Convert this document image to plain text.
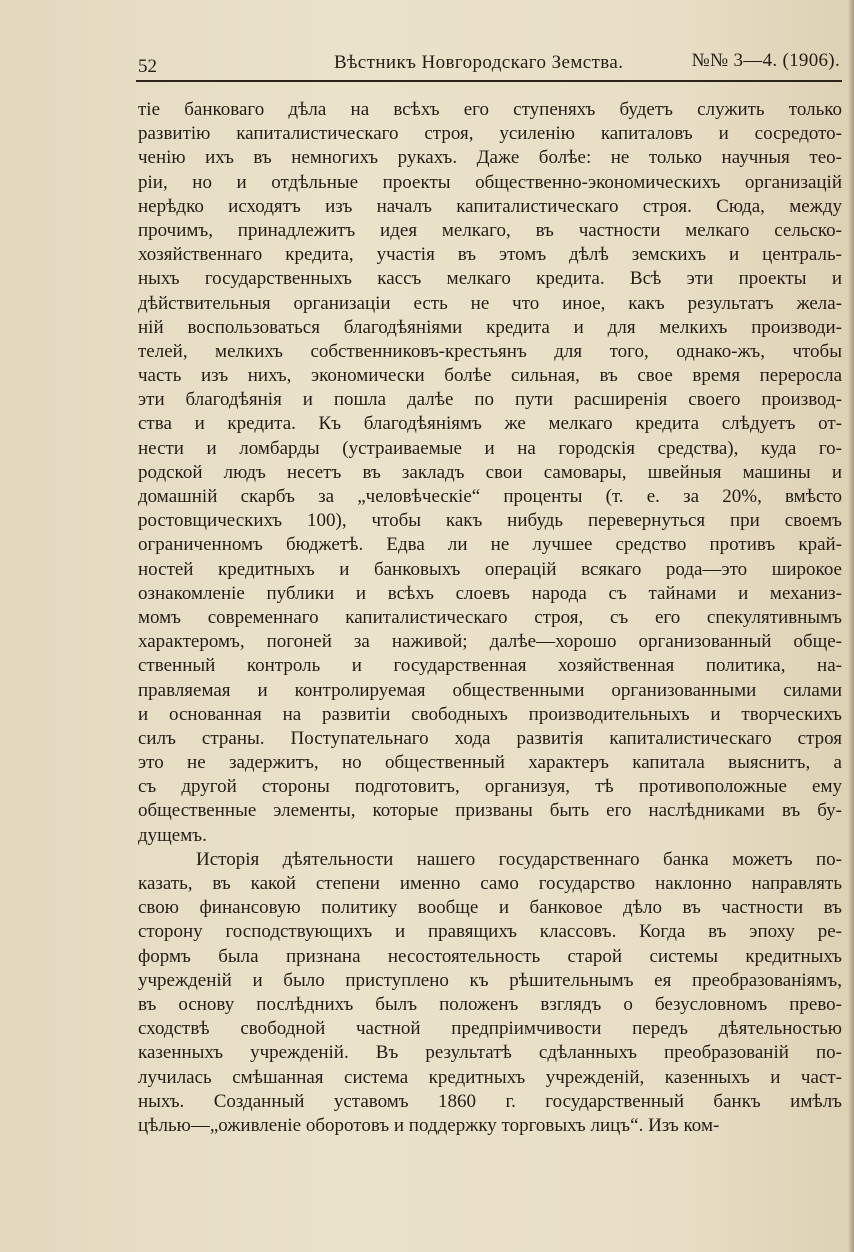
52	Вѣстникъ Новгородскаго Земства.	№№ 3—4. (1906).
тіе банковаго дѣла на всѣхъ его ступеняхъ будетъ служить только
развитію капиталистическаго строя, усиленію капиталовъ и сосредото-
ченію ихъ въ немногихъ рукахъ. Даже болѣе: не только научныя тео-
ріи, но и отдѣльные проекты общественно-экономическихъ организацій
нерѣдко исходятъ изъ началъ капиталистическаго строя. Сюда, между
прочимъ, принадлежитъ идея мелкаго, въ частности мелкаго сельско-
хозяйственнаго кредита, участія въ этомъ дѣлѣ земскихъ и централь-
ныхъ государственныхъ кассъ мелкаго кредита. Всѣ эти проекты и
дѣйствительныя организаціи есть не что иное, какъ результатъ жела-
ній воспользоваться благодѣяніями кредита и для мелкихъ производи-
телей, мелкихъ собственниковъ-крестьянъ для того, однако-жъ, чтобы
часть изъ нихъ, экономически болѣе сильная, въ свое время переросла
эти благодѣянія и пошла далѣе по пути расширенія своего производ-
ства и кредита. Къ благодѣяніямъ же мелкаго кредита слѣдуетъ от-
нести и ломбарды (устраиваемые и на городскія средства), куда го-
родской людъ несетъ въ закладъ свои самовары, швейныя машины и
домашній скарбъ за „человѣческіе“ проценты (т. е. за 20%, вмѣсто
ростовщическихъ 100), чтобы какъ нибудь перевернуться при своемъ
ограниченномъ бюджетѣ. Едва ли не лучшее средство противъ край-
ностей кредитныхъ и банковыхъ операцій всякаго рода—это широкое
ознакомленіе публики и всѣхъ слоевъ народа съ тайнами и механиз-
момъ современнаго капиталистическаго строя, съ его спекулятивнымъ
характеромъ, погоней за наживой; далѣе—хорошо организованный обще-
ственный контроль и государственная хозяйственная политика, на-
правляемая и контролируемая общественными организованными силами
и основанная на развитіи свободныхъ производительныхъ и творческихъ
силъ страны. Поступательнаго хода развитія капиталистическаго строя
это не задержитъ, но общественный характеръ капитала выяснитъ, а
съ другой стороны подготовитъ, организуя, тѣ противоположные ему
общественные элементы, которые призваны быть его наслѣдниками въ бу-
дущемъ.
Исторія дѣятельности нашего государственнаго банка можетъ по-
казать, въ какой степени именно само государство наклонно направлять
свою финансовую политику вообще и банковое дѣло въ частности въ
сторону господствующихъ и правящихъ классовъ. Когда въ эпоху ре-
формъ была признана несостоятельность старой системы кредитныхъ
учрежденій и было приступлено къ рѣшительнымъ ея преобразованіямъ,
въ основу послѣднихъ былъ положенъ взглядъ о безусловномъ прево-
сходствѣ свободной частной предпріимчивости передъ дѣятельностью
казенныхъ учрежденій. Въ результатѣ сдѣланныхъ преобразованій по-
лучилась смѣшанная система кредитныхъ учрежденій, казенныхъ и част-
ныхъ. Созданный уставомъ 1860 г. государственный банкъ имѣлъ
цѣлью—„оживленіе оборотовъ и поддержку торговыхъ лицъ“. Изъ ком-
